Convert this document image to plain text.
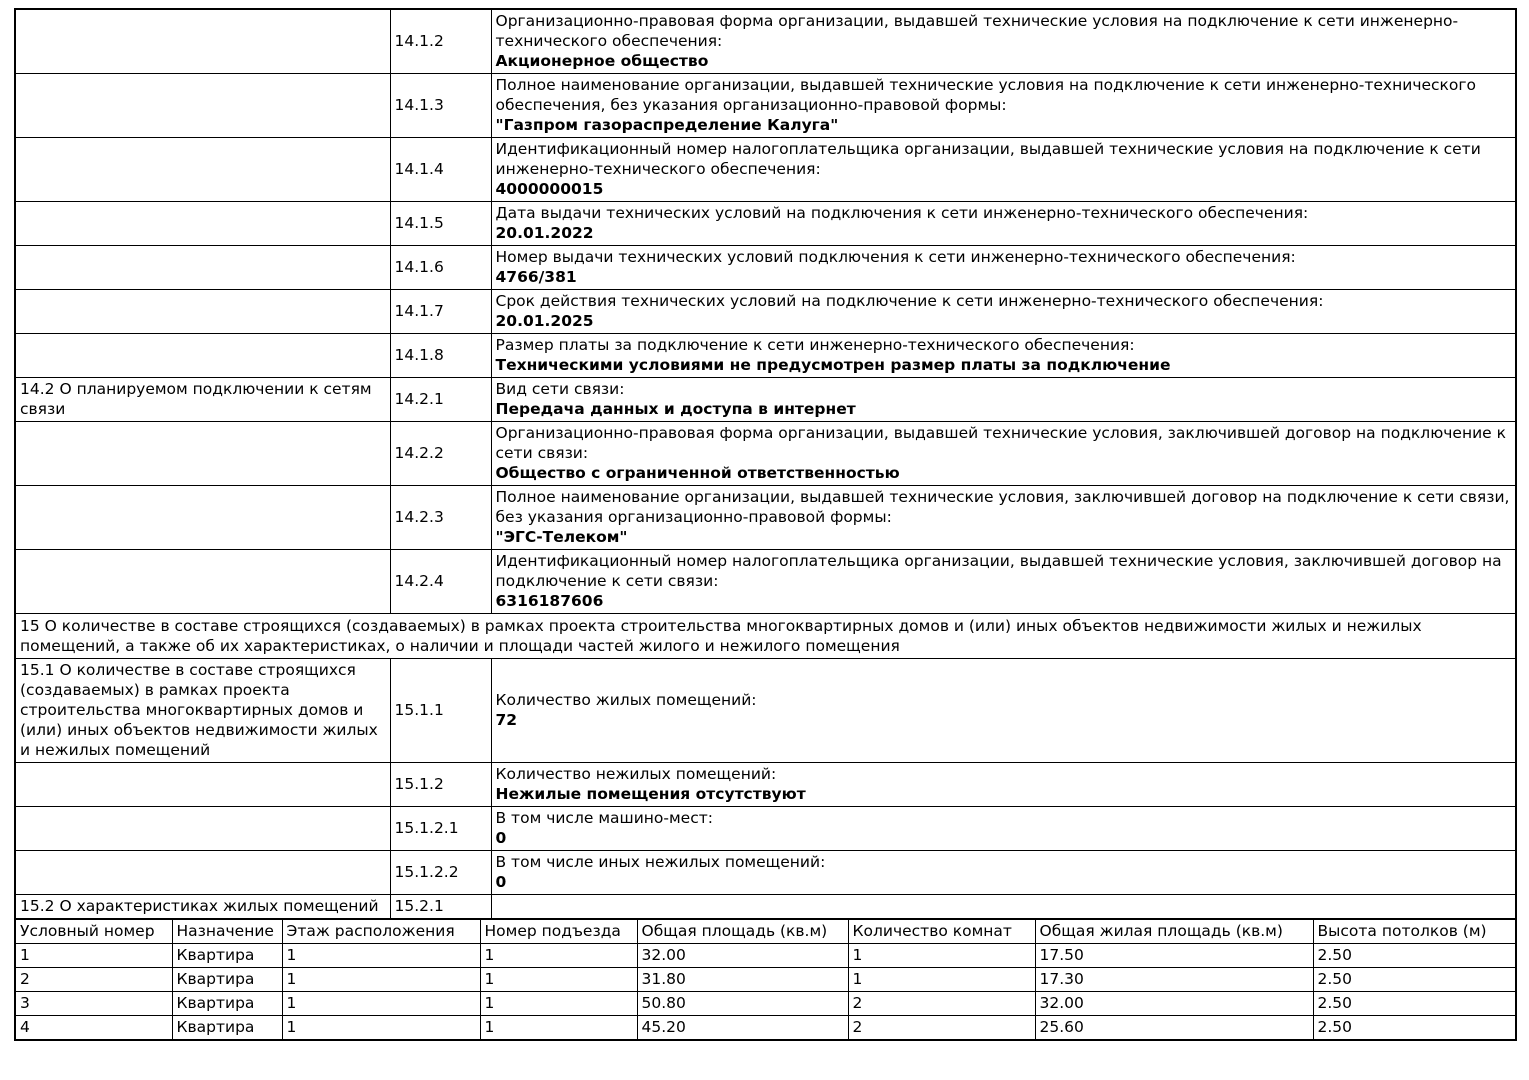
	14.1.2	Организационно-правовая форма организации, выдавшей технические условия на подключение к сети инженерно-технического обеспечения:
Акционерное общество

	14.1.3	Полное наименование организации, выдавшей технические условия на подключение к сети инженерно-технического обеспечения, без указания организационно-правовой формы:
"Газпром газораспределение Калуга"

	14.1.4	Идентификационный номер налогоплательщика организации, выдавшей технические условия на подключение к сети инженерно-технического обеспечения:
4000000015

	14.1.5	Дата выдачи технических условий на подключения к сети инженерно-технического обеспечения:
20.01.2022

	14.1.6	Номер выдачи технических условий подключения к сети инженерно-технического обеспечения:
4766/381

	14.1.7	Срок действия технических условий на подключение к сети инженерно-технического обеспечения:
20.01.2025

	14.1.8	Размер платы за подключение к сети инженерно-технического обеспечения:
Техническими условиями не предусмотрен размер платы за подключение

14.2 О планируемом подключении к сетям связи	14.2.1	Вид сети связи:
Передача данных и доступа в интернет

	14.2.2	Организационно-правовая форма организации, выдавшей технические условия, заключившей договор на подключение к сети связи:
Общество с ограниченной ответственностью

	14.2.3	Полное наименование организации, выдавшей технические условия, заключившей договор на подключение к сети связи, без указания организационно-правовой формы:
"ЭГС-Телеком"

	14.2.4	Идентификационный номер налогоплательщика организации, выдавшей технические условия, заключившей договор на подключение к сети связи:
6316187606

15 О количестве в составе строящихся (создаваемых) в рамках проекта строительства многоквартирных домов и (или) иных объектов недвижимости жилых и нежилых помещений, а также об их характеристиках, о наличии и площади частей жилого и нежилого помещения		
15.1 О количестве в составе строящихся (создаваемых) в рамках проекта строительства многоквартирных домов и (или) иных объектов недвижимости жилых и нежилых помещений	15.1.1	Количество жилых помещений:
72

	15.1.2	Количество нежилых помещений:
Нежилые помещения отсутствуют

	15.1.2.1	В том числе машино-мест:
0

	15.1.2.2	В том числе иных нежилых помещений:
0

15.2 О характеристиках жилых помещений	15.2.1	
Условный номер	Назначение	Этаж расположения	Номер подъезда	Общая площадь (кв.м)	Количество комнат	Общая жилая площадь (кв.м)	Высота потолков (м)
1	Квартира	1	1	32.00	1	17.50	2.50
2	Квартира	1	1	31.80	1	17.30	2.50
3	Квартира	1	1	50.80	2	32.00	2.50
4	Квартира	1	1	45.20	2	25.60	2.50
